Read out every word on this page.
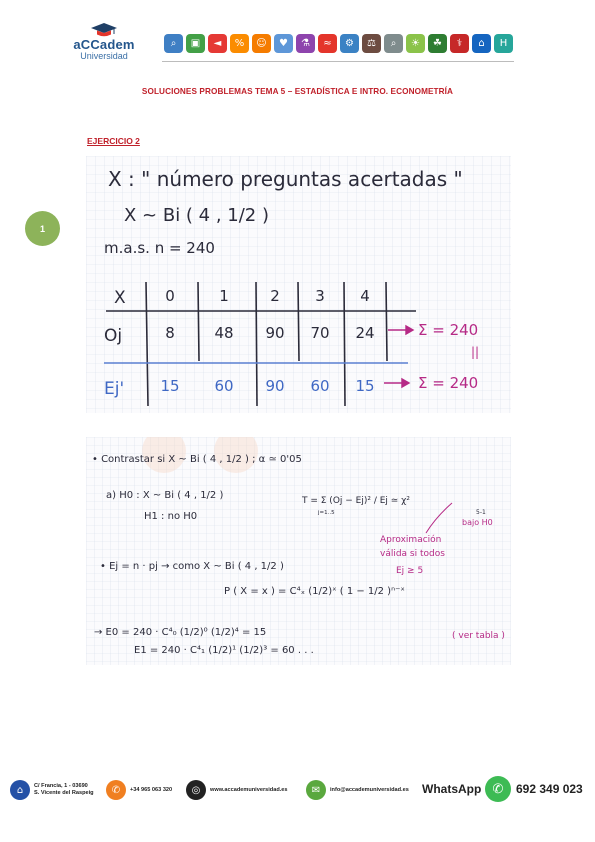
aCCadem
Universidad
⌕	▣	◄	%	☺	♥	⚗	≈	⚙	⚖	⌕	☀	☘	⚕	⌂	H
SOLUCIONES PROBLEMAS TEMA 5 – ESTADÍSTICA E INTRO. ECONOMETRÍA
EJERCICIO 2
1
X : " número preguntas acertadas "
X ~ Bi ( 4 , 1/2 )
m.a.s. n = 240
X	0	1	2 3 4
Oj	8	48 90 70 24
Ej' 15 60 90 60 15
Σ = 240
||
Σ = 240
• Contrastar si X ~ Bi ( 4 , 1/2 ) ; α ≃ 0'05
a) H0 : X ~ Bi ( 4 , 1/2 )
H1 : no H0
T = Σ (Oj − Ej)² / Ej ≃ χ²
j=1..5	5-1
bajo H0
Aproximación
válida si todos
Ej ≥ 5
• Ej = n · pj → como X ~ Bi ( 4 , 1/2 )
P ( X = x ) = C⁴ₓ (1/2)ˣ ( 1 − 1/2 )ⁿ⁻ˣ
→ E0 = 240 · C⁴₀ (1/2)⁰ (1/2)⁴ = 15
E1 = 240 · C⁴₁ (1/2)¹ (1/2)³ = 60 . . .
( ver tabla )
⌂	C/ Francia, 1 - 03690
S. Vicente del Raspeig	✆	+34 965 063 320	◎	www.accademuniversidad.es	✉	info@accademuniversidad.es WhatsApp ✆	692 349 023
